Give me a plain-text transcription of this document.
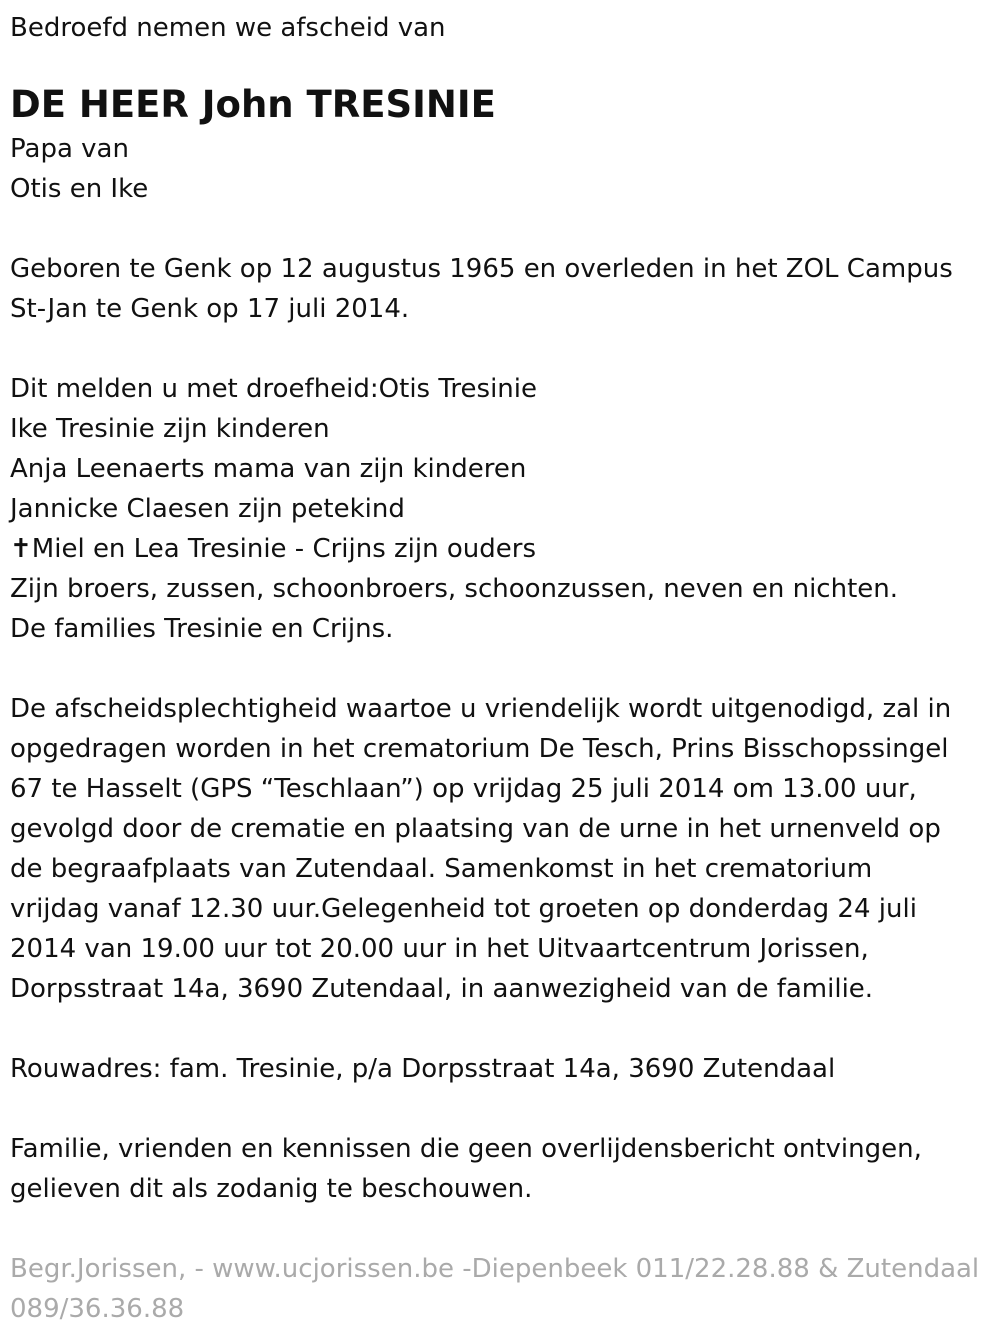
Bedroefd nemen we afscheid van

DE HEER John TRESINIE

Papa van

Otis en Ike

Geboren te Genk op 12 augustus 1965 en overleden in het ZOL Campus

St-Jan te Genk op 17 juli 2014.

Dit melden u met droefheid:Otis Tresinie

Ike Tresinie zijn kinderen

Anja Leenaerts mama van zijn kinderen

Jannicke Claesen zijn petekind

✝Miel en Lea Tresinie - Crijns zijn ouders

Zijn broers, zussen, schoonbroers, schoonzussen, neven en nichten.

De families Tresinie en Crijns.

De afscheidsplechtigheid waartoe u vriendelijk wordt uitgenodigd, zal in

opgedragen worden in het crematorium De Tesch, Prins Bisschopssingel

67 te Hasselt (GPS “Teschlaan”) op vrijdag 25 juli 2014 om 13.00 uur,

gevolgd door de crematie en plaatsing van de urne in het urnenveld op

de begraafplaats van Zutendaal. Samenkomst in het crematorium

vrijdag vanaf 12.30 uur.Gelegenheid tot groeten op donderdag 24 juli

2014 van 19.00 uur tot 20.00 uur in het Uitvaartcentrum Jorissen,

Dorpsstraat 14a, 3690 Zutendaal, in aanwezigheid van de familie.

Rouwadres: fam. Tresinie, p/a Dorpsstraat 14a, 3690 Zutendaal

Familie, vrienden en kennissen die geen overlijdensbericht ontvingen,

gelieven dit als zodanig te beschouwen.

Begr.Jorissen, - www.ucjorissen.be -Diepenbeek 011/22.28.88 & Zutendaal

089/36.36.88
